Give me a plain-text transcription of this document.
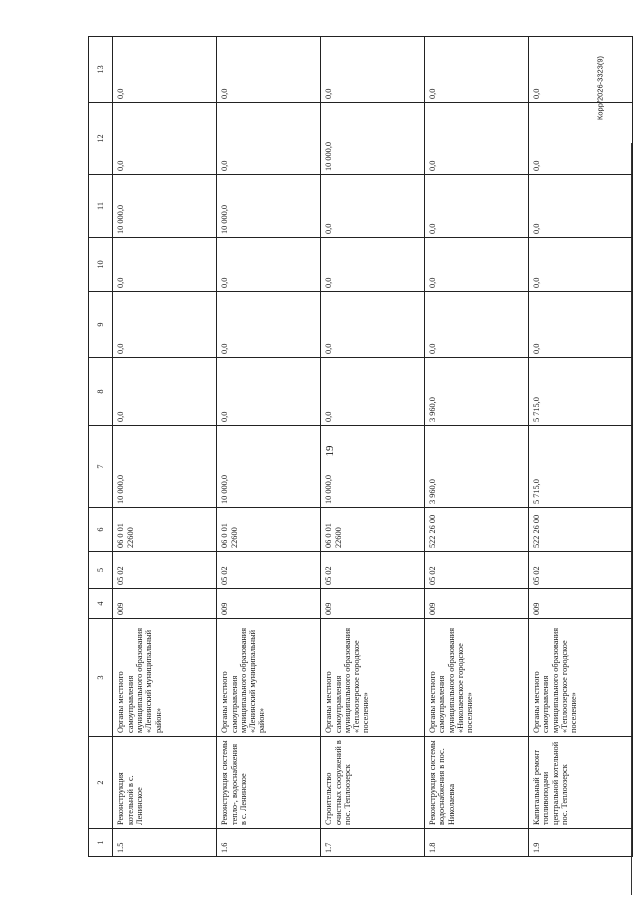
19
Корр/2026-3323(9)
1	2	3	4	5	6	7	8	9	10	11	12	13
1.5	Реконструкция котельной в с. Ленинское	Органы местного самоуправления муниципального образования «Ленинский муниципальный район»	009	05 02	06 0 01 22600	10 000,0	0,0	0,0	0,0	10 000,0	0,0	0,0
1.6	Реконструкция системы тепло-, водоснабжения в с. Ленинское	Органы местного самоуправления муниципального образования «Ленинский муниципальный район»	009	05 02	06 0 01 22600	10 000,0	0,0	0,0	0,0	10 000,0	0,0	0,0
1.7	Строительство очистных сооружений в пос. Теплоозерск	Органы местного самоуправления муниципального образования «Теплоозерское городское поселение»	009	05 02	06 0 01 22600	10 000,0	0,0	0,0	0,0	0,0	10 000,0	0,0
1.8	Реконструкция системы водоснабжения в пос. Николаевка	Органы местного самоуправления муниципального образования «Николаевское городское поселение»	009	05 02	522 26 00	3 960,0	3 960,0	0,0	0,0	0,0	0,0	0,0
1.9	Капитальный ремонт топливоподачи центральной котельной пос. Теплоозерск	Органы местного самоуправления муниципального образования «Теплоозерское городское поселение»	009	05 02	522 26 00	5 715,0	5 715,0	0,0	0,0	0,0	0,0	0,0
